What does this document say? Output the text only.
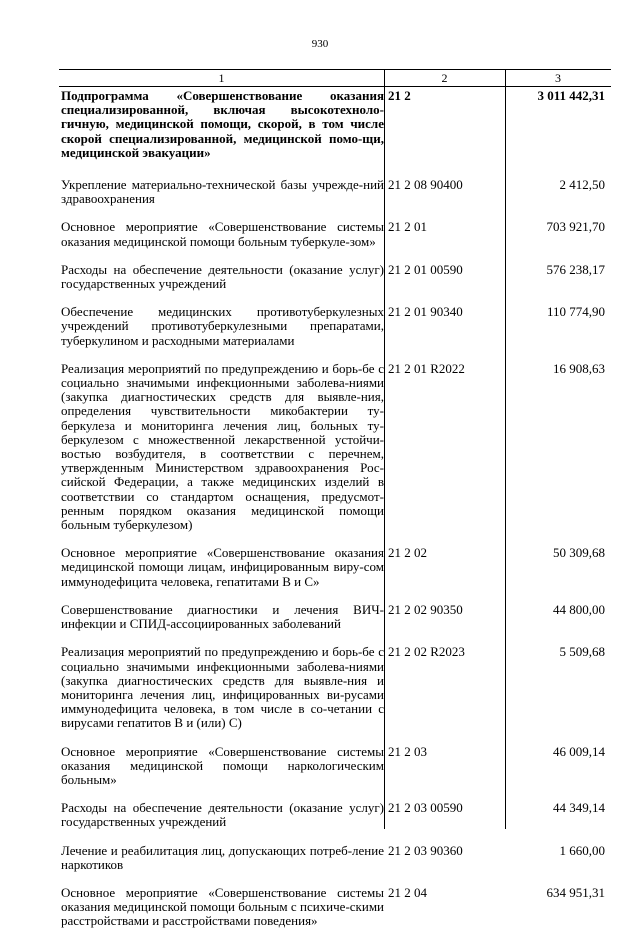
930
1	2	3
Подпрограмма «Совершенствование оказания специализированной, включая высокотехноло-гичную, медицинской помощи, скорой, в том числе скорой специализированной, медицинской помо-щи, медицинской эвакуации»
21 2	3 011 442,31
Укрепление материально-технической базы учрежде-ний здравоохранения
21 2 08 90400	2 412,50
Основное мероприятие «Совершенствование системы оказания медицинской помощи больным туберкуле-зом»
21 2 01	703 921,70
Расходы на обеспечение деятельности (оказание услуг) государственных учреждений
21 2 01 00590	576 238,17
Обеспечение медицинских противотуберкулезных учреждений противотуберкулезными препаратами, туберкулином и расходными материалами
21 2 01 90340	110 774,90
Реализация мероприятий по предупреждению и борь-бе с социально значимыми инфекционными заболева-ниями (закупка диагностических средств для выявле-ния, определения чувствительности микобактерии ту-беркулеза и мониторинга лечения лиц, больных ту-беркулезом с множественной лекарственной устойчи-востью возбудителя, в соответствии с перечнем, утвержденным Министерством здравоохранения Рос-сийской Федерации, а также медицинских изделий в соответствии со стандартом оснащения, предусмот-ренным порядком оказания медицинской помощи больным туберкулезом)
21 2 01 R2022	16 908,63
Основное мероприятие «Совершенствование оказания медицинской помощи лицам, инфицированным виру-сом иммунодефицита человека, гепатитами В и С»
21 2 02	50 309,68
Совершенствование диагностики и лечения ВИЧ-инфекции и СПИД-ассоциированных заболеваний
21 2 02 90350	44 800,00
Реализация мероприятий по предупреждению и борь-бе с социально значимыми инфекционными заболева-ниями (закупка диагностических средств для выявле-ния и мониторинга лечения лиц, инфицированных ви-русами иммунодефицита человека, в том числе в со-четании с вирусами гепатитов В и (или) С)
21 2 02 R2023	5 509,68
Основное мероприятие «Совершенствование системы оказания медицинской помощи наркологическим больным»
21 2 03	46 009,14
Расходы на обеспечение деятельности (оказание услуг) государственных учреждений
21 2 03 00590	44 349,14
Лечение и реабилитация лиц, допускающих потреб-ление наркотиков
21 2 03 90360	1 660,00
Основное мероприятие «Совершенствование системы оказания медицинской помощи больным с психиче-скими расстройствами и расстройствами поведения»
21 2 04	634 951,31
